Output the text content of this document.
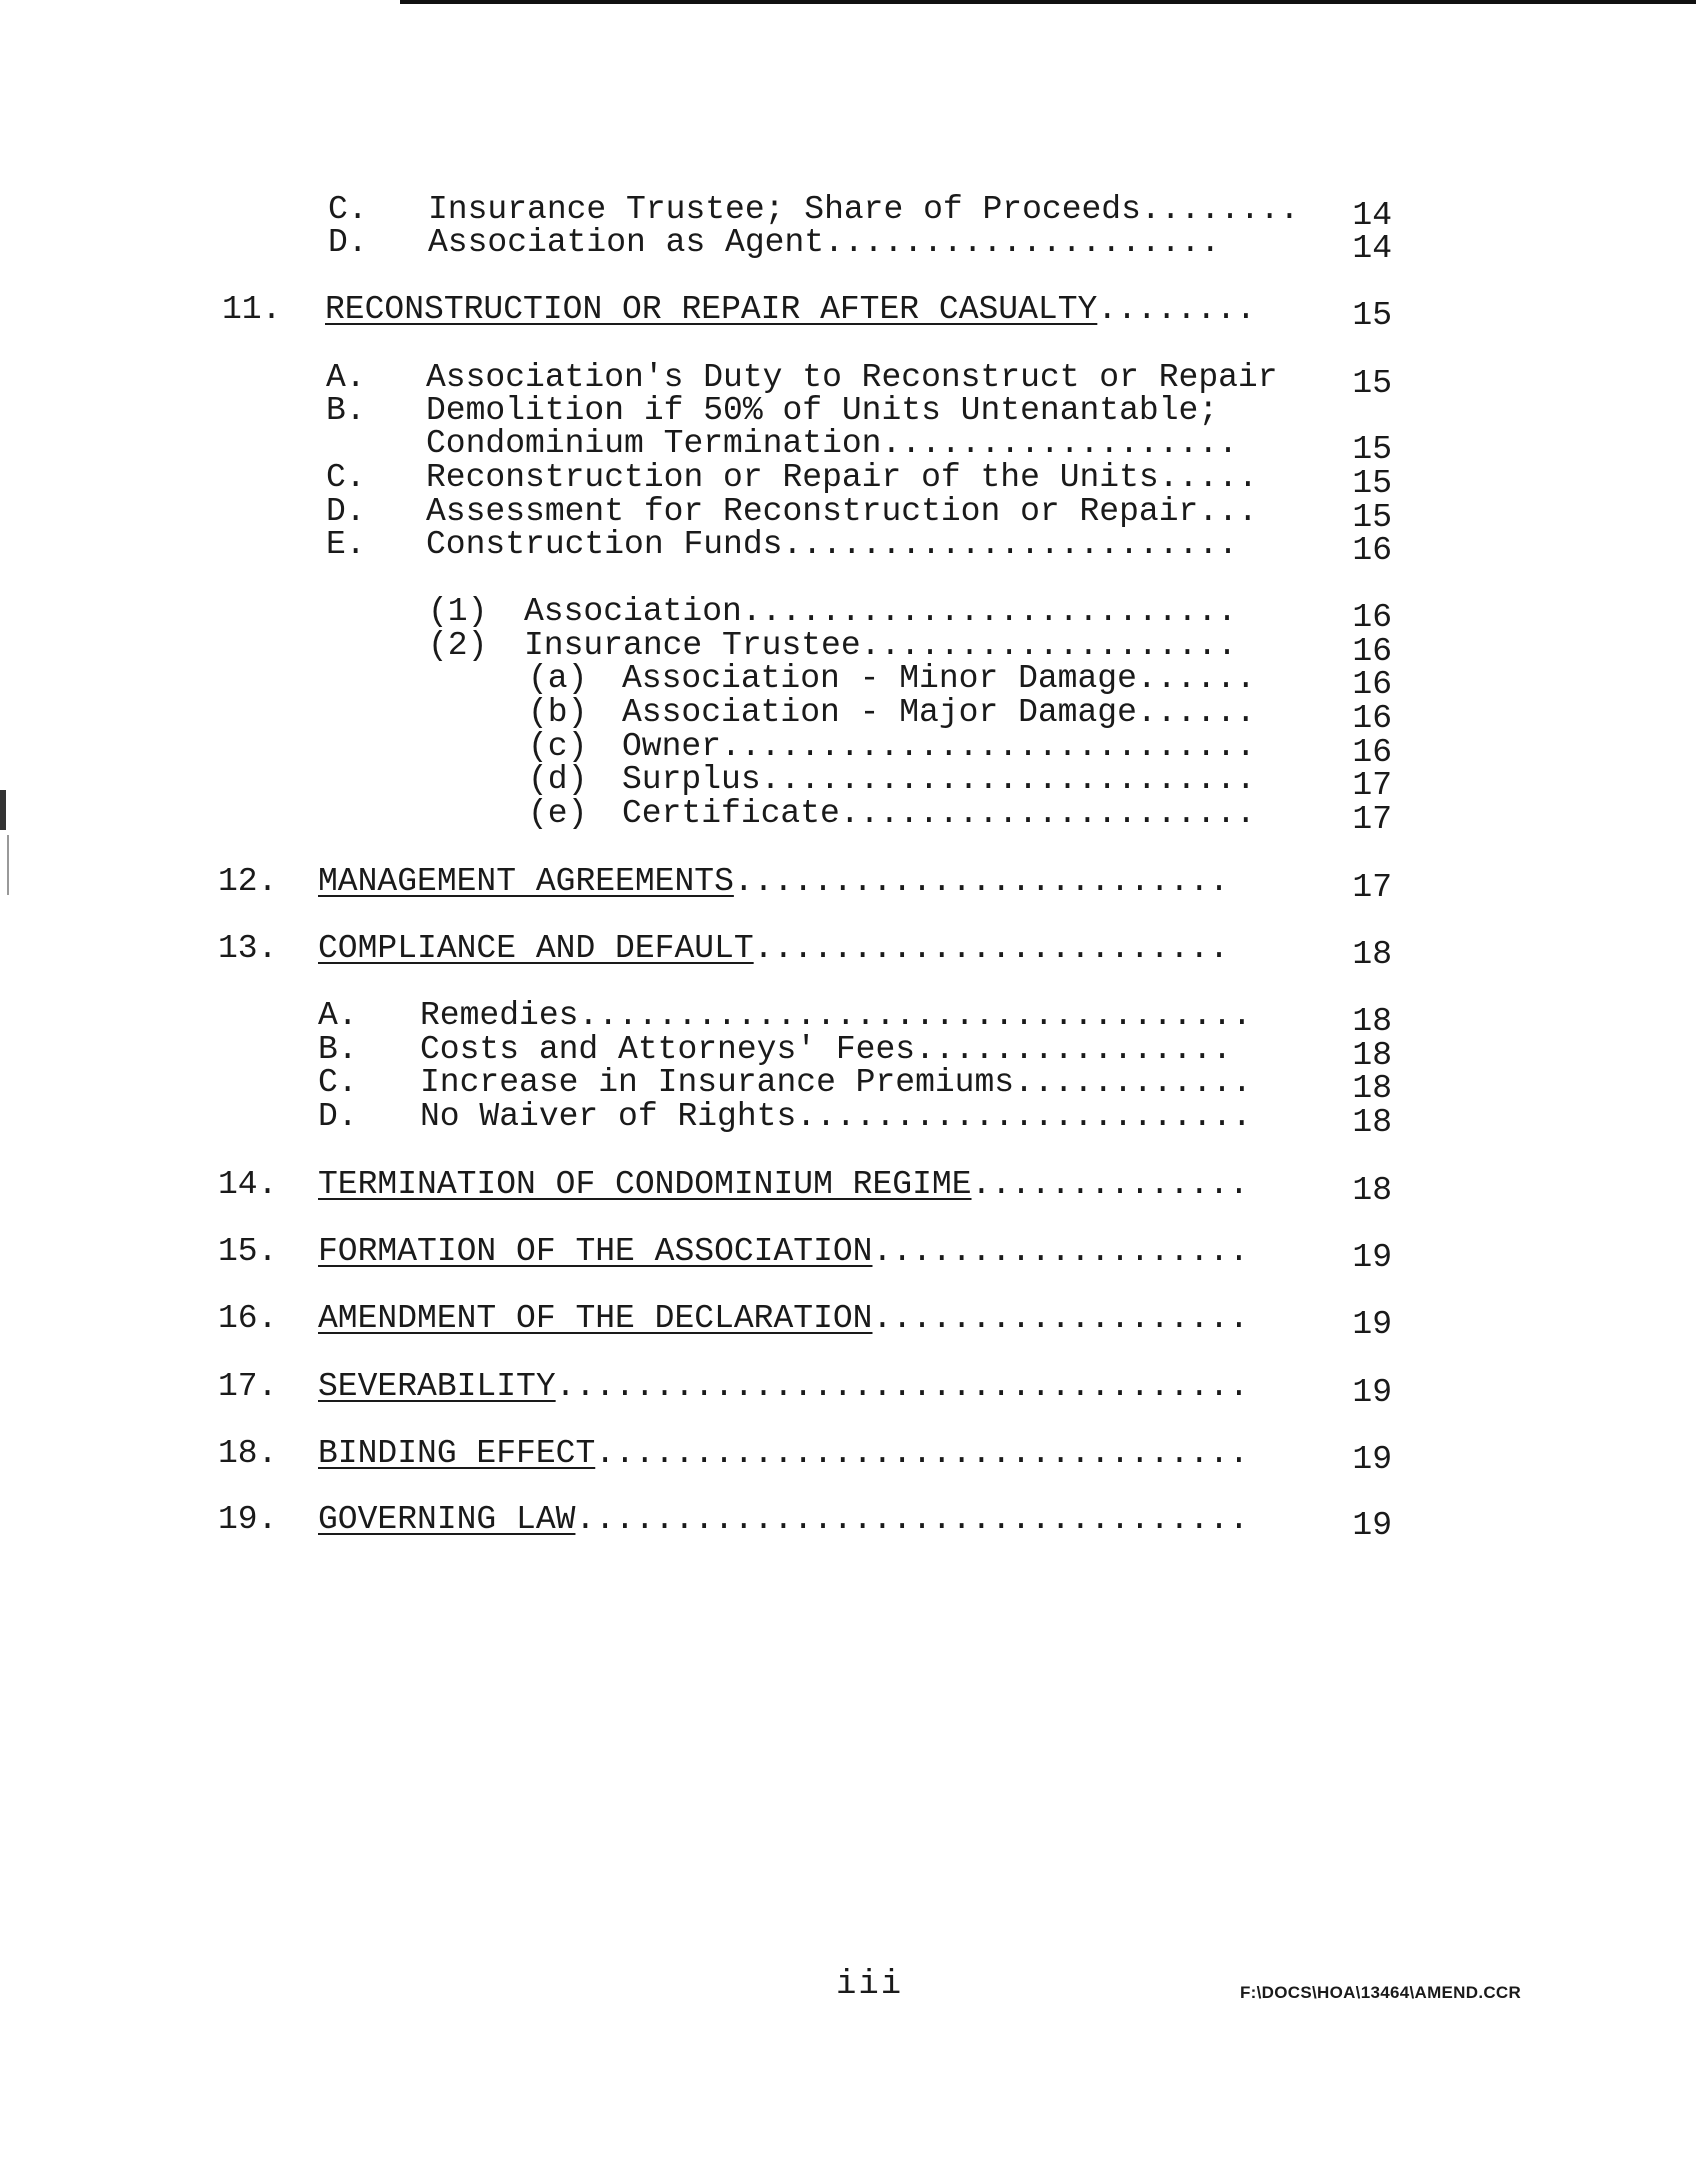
C. Insurance Trustee; Share of Proceeds........ 14
D. Association as Agent....................	14
11. RECONSTRUCTION OR REPAIR AFTER CASUALTY........	15
A. Association's Duty to Reconstruct or Repair 15
B. Demolition if 50% of Units Untenantable;
Condominium Termination..................	15
C. Reconstruction or Repair of the Units.....	15
D. Assessment for Reconstruction or Repair...	15
E. Construction Funds.......................	16
(1) Association.........................	16
(2) Insurance Trustee...................	16
(a) Association - Minor Damage......	16
(b) Association - Major Damage......	16
(c) Owner...........................	16
(d) Surplus.........................	17
(e) Certificate.....................	17
12. MANAGEMENT AGREEMENTS.........................	17
13. COMPLIANCE AND DEFAULT........................	18
A. Remedies..................................	18
B. Costs and Attorneys' Fees................	18
C. Increase in Insurance Premiums............	18
D. No Waiver of Rights.......................	18
14. TERMINATION OF CONDOMINIUM REGIME..............	18
15. FORMATION OF THE ASSOCIATION...................	19
16. AMENDMENT OF THE DECLARATION...................	19
17. SEVERABILITY...................................	19
18. BINDING EFFECT.................................	19
19. GOVERNING LAW..................................	19
iii	F:\DOCS\HOA\13464\AMEND.CCR
